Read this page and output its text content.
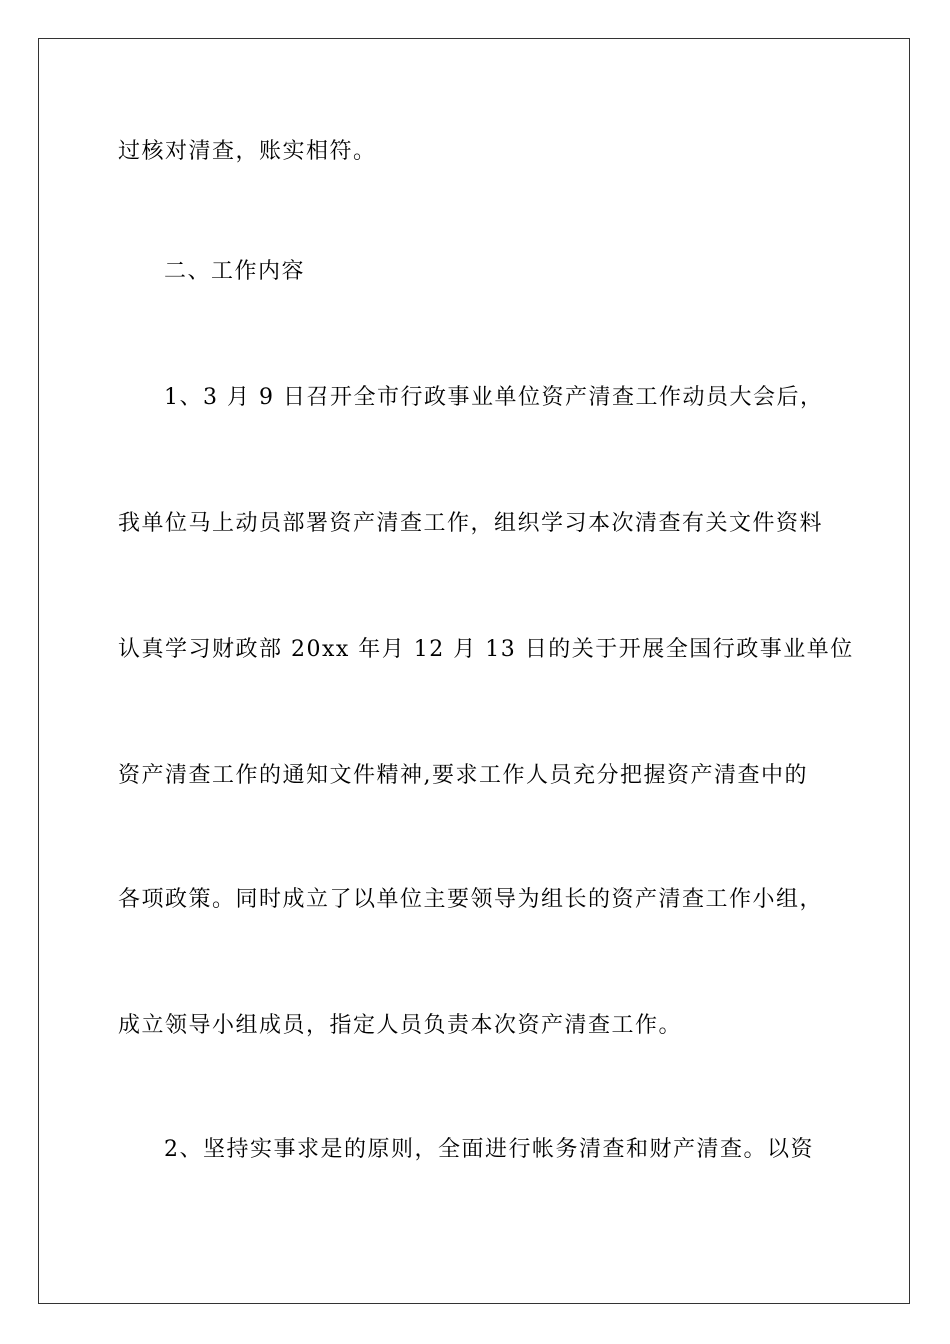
过核对清查，账实相符。
二、工作内容
1、3 月 9 日召开全市行政事业单位资产清查工作动员大会后，
我单位马上动员部署资产清查工作，组织学习本次清查有关文件资料
认真学习财政部 20xx 年月 12 月 13 日的关于开展全国行政事业单位
资产清查工作的通知文件精神,要求工作人员充分把握资产清查中的
各项政策。同时成立了以单位主要领导为组长的资产清查工作小组，
成立领导小组成员，指定人员负责本次资产清查工作。
2、坚持实事求是的原则，全面进行帐务清查和财产清查。以资
